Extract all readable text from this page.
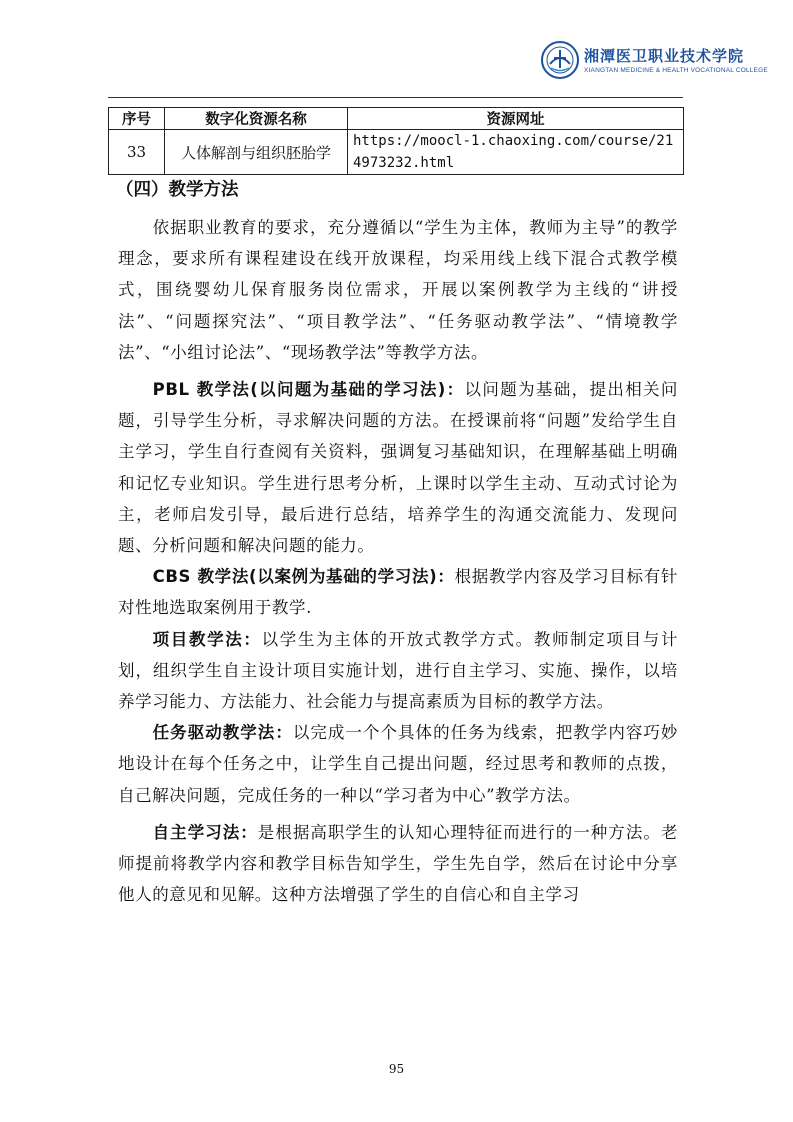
湘潭医卫职业技术学院
XIANGTAN MEDICINE & HEALTH VOCATIONAL COLLEGE
序号	数字化资源名称	资源网址
33	人体解剖与组织胚胎学	https://moocl-1.chaoxing.com/course/214973232.html
（四）教学方法

依据职业教育的要求，充分遵循以“学生为主体，教师为主导”的教学理念，要求所有课程建设在线开放课程，均采用线上线下混合式教学模式，围绕婴幼儿保育服务岗位需求，开展以案例教学为主线的“讲授法”、“问题探究法”、“项目教学法”、“任务驱动教学法”、“情境教学法”、“小组讨论法”、“现场教学法”等教学方法。

PBL 教学法(以问题为基础的学习法)：以问题为基础，提出相关问题，引导学生分析，寻求解决问题的方法。在授课前将“问题”发给学生自主学习，学生自行查阅有关资料，强调复习基础知识，在理解基础上明确和记忆专业知识。学生进行思考分析，上课时以学生主动、互动式讨论为主，老师启发引导，最后进行总结，培养学生的沟通交流能力、发现问题、分析问题和解决问题的能力。

CBS 教学法(以案例为基础的学习法)：根据教学内容及学习目标有针对性地选取案例用于教学.

项目教学法：以学生为主体的开放式教学方式。教师制定项目与计划，组织学生自主设计项目实施计划，进行自主学习、实施、操作，以培养学习能力、方法能力、社会能力与提高素质为目标的教学方法。

任务驱动教学法：以完成一个个具体的任务为线索，把教学内容巧妙地设计在每个任务之中，让学生自己提出问题，经过思考和教师的点拨，自己解决问题，完成任务的一种以“学习者为中心”教学方法。

自主学习法：是根据高职学生的认知心理特征而进行的一种方法。老师提前将教学内容和教学目标告知学生，学生先自学，然后在讨论中分享他人的意见和见解。这种方法增强了学生的自信心和自主学习

95
